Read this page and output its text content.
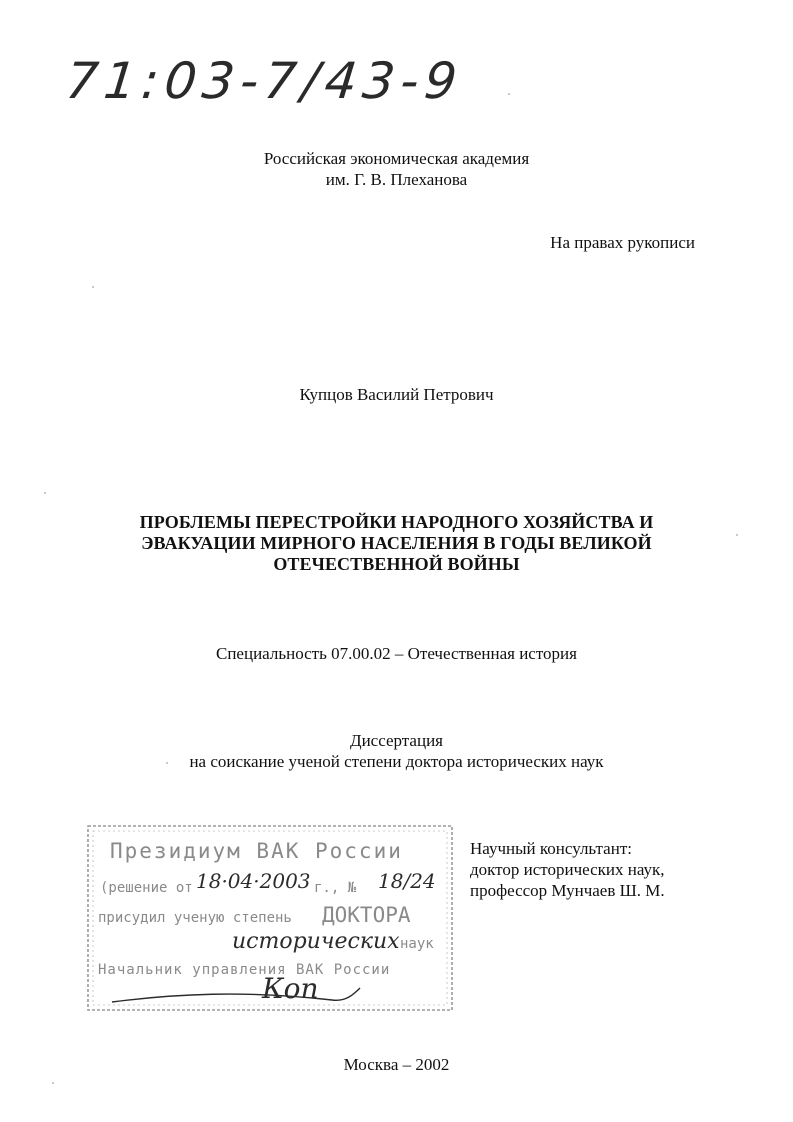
71:03-7/43-9
Российская экономическая академия
им. Г. В. Плеханова
На правах рукописи
Купцов Василий Петрович
ПРОБЛЕМЫ ПЕРЕСТРОЙКИ НАРОДНОГО ХОЗЯЙСТВА И
ЭВАКУАЦИИ МИРНОГО НАСЕЛЕНИЯ В ГОДЫ ВЕЛИКОЙ
ОТЕЧЕСТВЕННОЙ ВОЙНЫ
Специальность 07.00.02 – Отечественная история
Диссертация
на соискание ученой степени доктора исторических наук
Президиум ВАК России
(решение от 18·04·2003 г., № 18/24
присудил ученую степень ДОКТОРА
исторических наук
Начальник управления ВАК России
Коп
Научный консультант:
доктор исторических наук,
профессор Мунчаев Ш. М.
Москва – 2002
